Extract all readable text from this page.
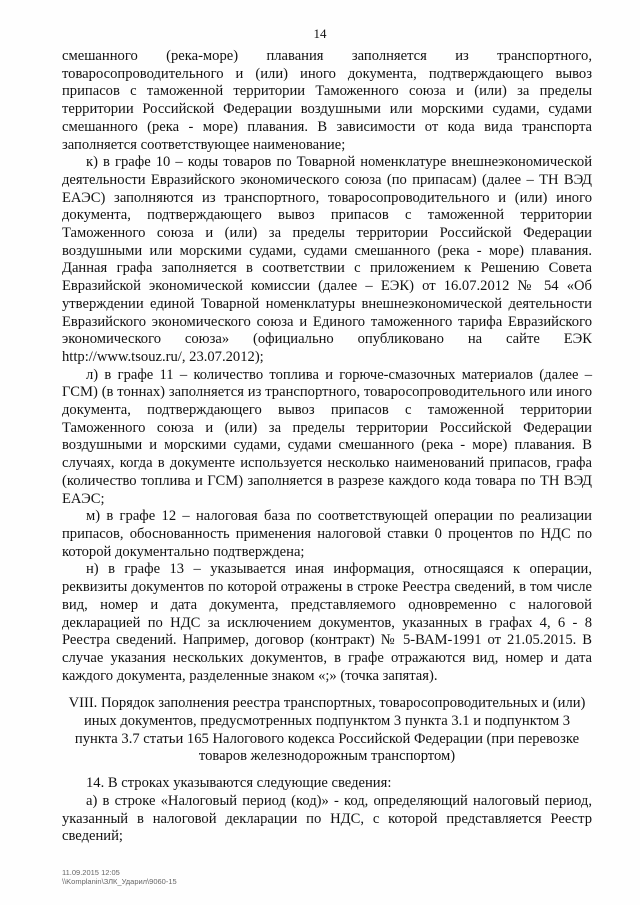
14

смешанного (река-море) плавания заполняется из транспортного, товаросопроводительного и (или) иного документа, подтверждающего вывоз припасов с таможенной территории Таможенного союза и (или) за пределы территории Российской Федерации воздушными или морскими судами, судами смешанного (река - море) плавания. В зависимости от кода вида транспорта заполняется соответствующее наименование;

к) в графе 10 – коды товаров по Товарной номенклатуре внешнеэкономической деятельности Евразийского экономического союза (по припасам) (далее – ТН ВЭД ЕАЭС) заполняются из транспортного, товаросопроводительного и (или) иного документа, подтверждающего вывоз припасов с таможенной территории Таможенного союза и (или) за пределы территории Российской Федерации воздушными или морскими судами, судами смешанного (река - море) плавания. Данная графа заполняется в соответствии с приложением к Решению Совета Евразийской экономической комиссии (далее – ЕЭК) от 16.07.2012 № 54 «Об утверждении единой Товарной номенклатуры внешнеэкономической деятельности Евразийского экономического союза и Единого таможенного тарифа Евразийского экономического союза» (официально опубликовано на сайте ЕЭК http://www.tsouz.ru/, 23.07.2012);

л) в графе 11 – количество топлива и горюче-смазочных материалов (далее – ГСМ) (в тоннах) заполняется из транспортного, товаросопроводительного или иного документа, подтверждающего вывоз припасов с таможенной территории Таможенного союза и (или) за пределы территории Российской Федерации воздушными и морскими судами, судами смешанного (река - море) плавания. В случаях, когда в документе используется несколько наименований припасов, графа (количество топлива и ГСМ) заполняется в разрезе каждого кода товара по ТН ВЭД ЕАЭС;

м) в графе 12 – налоговая база по соответствующей операции по реализации припасов, обоснованность применения налоговой ставки 0 процентов по НДС по которой документально подтверждена;

н) в графе 13 – указывается иная информация, относящаяся к операции, реквизиты документов по которой отражены в строке Реестра сведений, в том числе вид, номер и дата документа, представляемого одновременно с налоговой декларацией по НДС за исключением документов, указанных в графах 4, 6 - 8 Реестра сведений. Например, договор (контракт) № 5-ВАМ-1991 от 21.05.2015. В случае указания нескольких документов, в графе отражаются вид, номер и дата каждого документа, разделенные знаком «;» (точка запятая).

VIII. Порядок заполнения реестра транспортных, товаросопроводительных и (или) иных документов, предусмотренных подпунктом 3 пункта 3.1 и подпунктом 3 пункта 3.7 статьи 165 Налогового кодекса Российской Федерации (при перевозке товаров железнодорожным транспортом)

14. В строках указываются следующие сведения:

а) в строке «Налоговый период (код)» - код, определяющий налоговый период, указанный в налоговой декларации по НДС, с которой представляется Реестр сведений;

11.09.2015 12:05
\\Komplanin\ЗЛК_Ударил\9060-15
